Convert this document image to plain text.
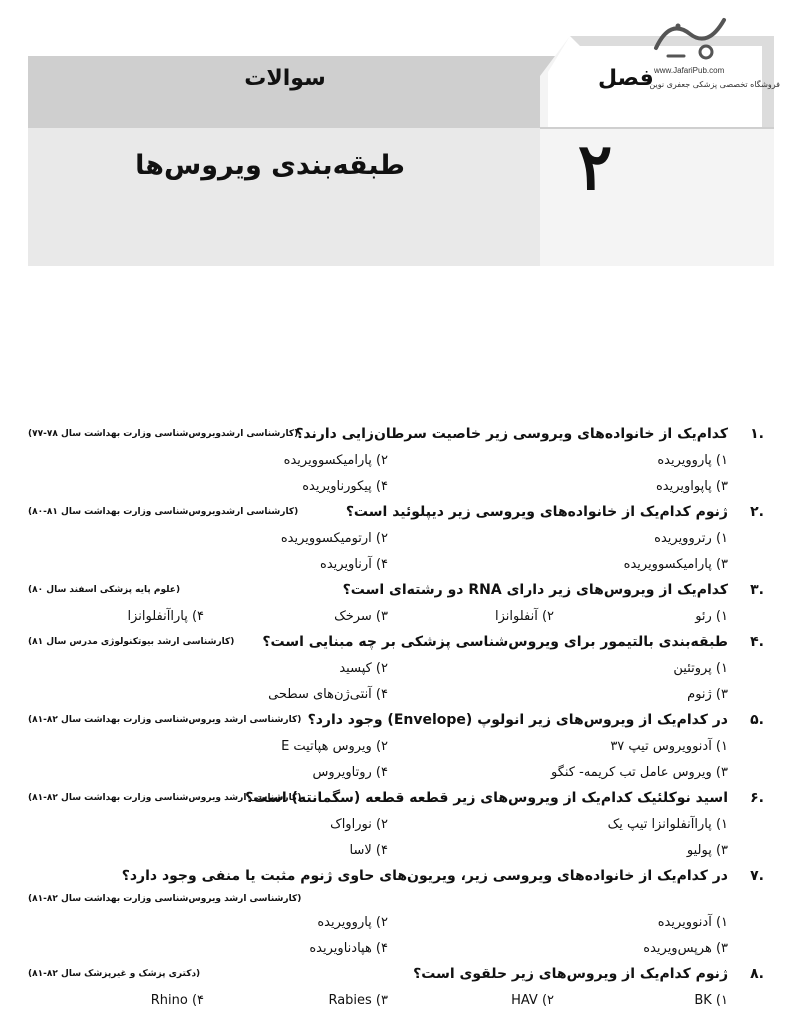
سوالات	فصل
۲
طبقه‌بندی ویروس‌ها
www.JafariPub.com
فروشگاه تخصصی پزشکی جعفری نوین
۱.
کدام‌یک از خانواده‌های ویروسی زیر خاصیت سرطان‌زایی دارند؟
(کارشناسی ارشدویروس‌شناسی وزارت بهداشت سال ۷۸-۷۷)
۱) پاروویریده
۲) پارامیکسوویریده
۳) پاپواویریده
۴) پیکورناویریده
۲.
ژنوم کدام‌یک از خانواده‌های ویروسی زیر دیپلوئید است؟
(کارشناسی ارشدویروس‌شناسی وزارت بهداشت سال ۸۱-۸۰)
۱) رتروویریده
۲) ارتومیکسوویریده
۳) پارامیکسوویریده
۴) آرناویریده
۳.
کدام‌یک از ویروس‌های زیر دارای RNA دو رشته‌ای است؟
(علوم پایه پزشکی اسفند سال ۸۰)
۱) رئو
۲) آنفلوانزا
۳) سرخک
۴) پاراآنفلوانزا
۴.
طبقه‌بندی بالتیمور برای ویروس‌شناسی پزشکی بر چه مبنایی است؟
(کارشناسی ارشد بیوتکنولوژی مدرس سال ۸۱)
۱) پروتئین
۲) کپسید
۳) ژنوم
۴) آنتی‌ژن‌های سطحی
۵.
در کدام‌یک از ویروس‌های زیر انولوپ (Envelope) وجود دارد؟
(کارشناسی ارشد ویروس‌شناسی وزارت بهداشت سال ۸۲-۸۱)
۱) آدنوویروس تیپ ۳۷
۲) ویروس هپاتیت E
۳) ویروس عامل تب کریمه- کنگو
۴) روتاویروس
۶.
اسید نوکلئیک کدام‌یک از ویروس‌های زیر قطعه قطعه (سگمانته) است؟
(کارشناسی ارشد ویروس‌شناسی وزارت بهداشت سال ۸۲-۸۱)
۱) پاراآنفلوانزا تیپ یک
۲) نوراواک
۳) پولیو
۴) لاسا
۷.
در کدام‌یک از خانواده‌های ویروسی زیر، ویریون‌های حاوی ژنوم مثبت یا منفی وجود دارد؟
(کارشناسی ارشد ویروس‌شناسی وزارت بهداشت سال ۸۲-۸۱)
۱) آدنوویریده
۲) پاروویریده
۳) هرپس‌ویریده
۴) هپادناویریده
۸.
ژنوم کدام‌یک از ویروس‌های زیر حلقوی است؟
(دکتری پزشک و غیرپزشک سال ۸۲-۸۱)
BK (۱
HAV (۲
Rabies (۳
Rhino (۴
